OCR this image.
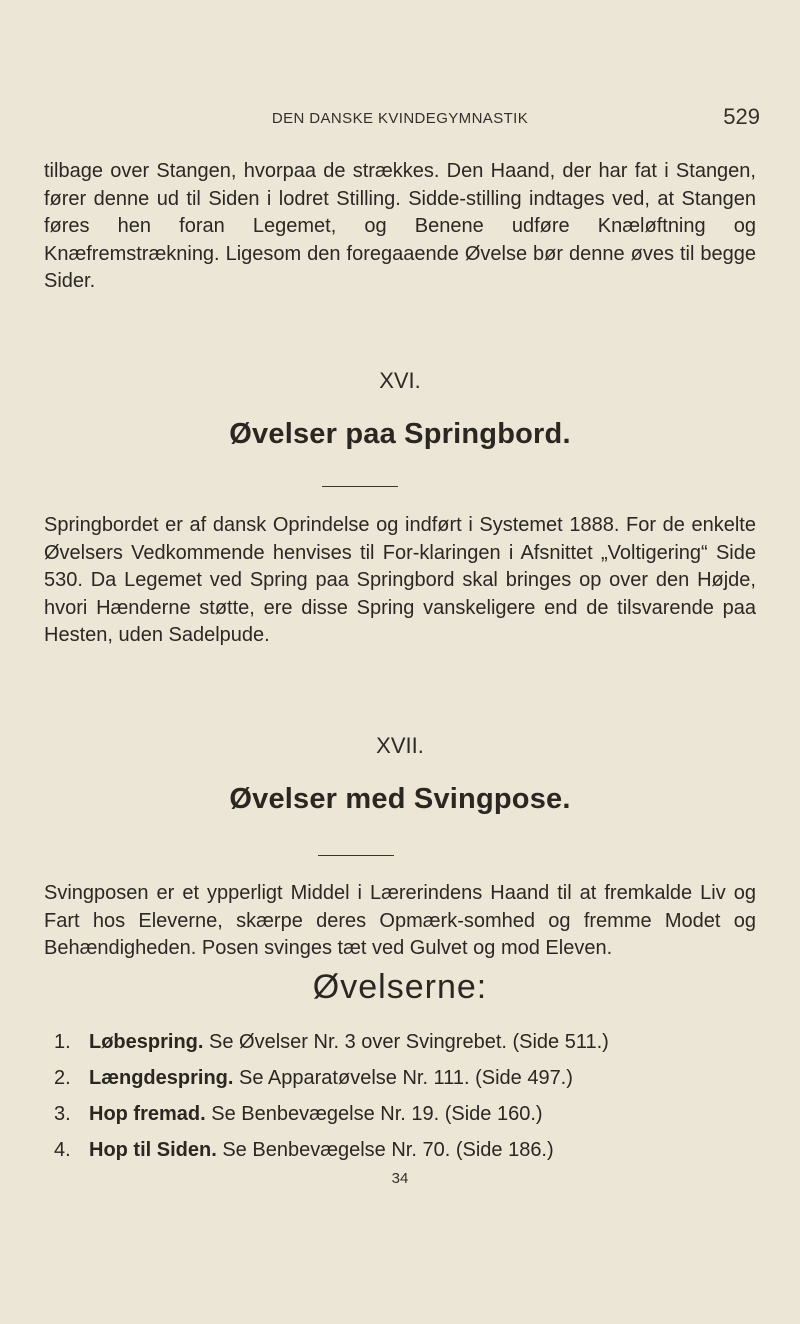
DEN DANSKE KVINDEGYMNASTIK	529

tilbage over Stangen, hvorpaa de strækkes. Den Haand, der har fat i Stangen, fører denne ud til Siden i lodret Stilling. Sidde-stilling indtages ved, at Stangen føres hen foran Legemet, og Benene udføre Knæløftning og Knæfremstrækning. Ligesom den foregaaende Øvelse bør denne øves til begge Sider.

XVI.
Øvelser paa Springbord.

Springbordet er af dansk Oprindelse og indført i Systemet 1888. For de enkelte Øvelsers Vedkommende henvises til For-klaringen i Afsnittet „Voltigering“ Side 530. Da Legemet ved Spring paa Springbord skal bringes op over den Højde, hvori Hænderne støtte, ere disse Spring vanskeligere end de tilsvarende paa Hesten, uden Sadelpude.

XVII.
Øvelser med Svingpose.

Svingposen er et ypperligt Middel i Lærerindens Haand til at fremkalde Liv og Fart hos Eleverne, skærpe deres Opmærk-somhed og fremme Modet og Behændigheden. Posen svinges tæt ved Gulvet og mod Eleven.

Øvelserne:
1. Løbespring. Se Øvelser Nr. 3 over Svingrebet. (Side 511.)
2. Længdespring. Se Apparatøvelse Nr. 111. (Side 497.)
3. Hop fremad. Se Benbevægelse Nr. 19. (Side 160.)
4. Hop til Siden. Se Benbevægelse Nr. 70. (Side 186.)
34
